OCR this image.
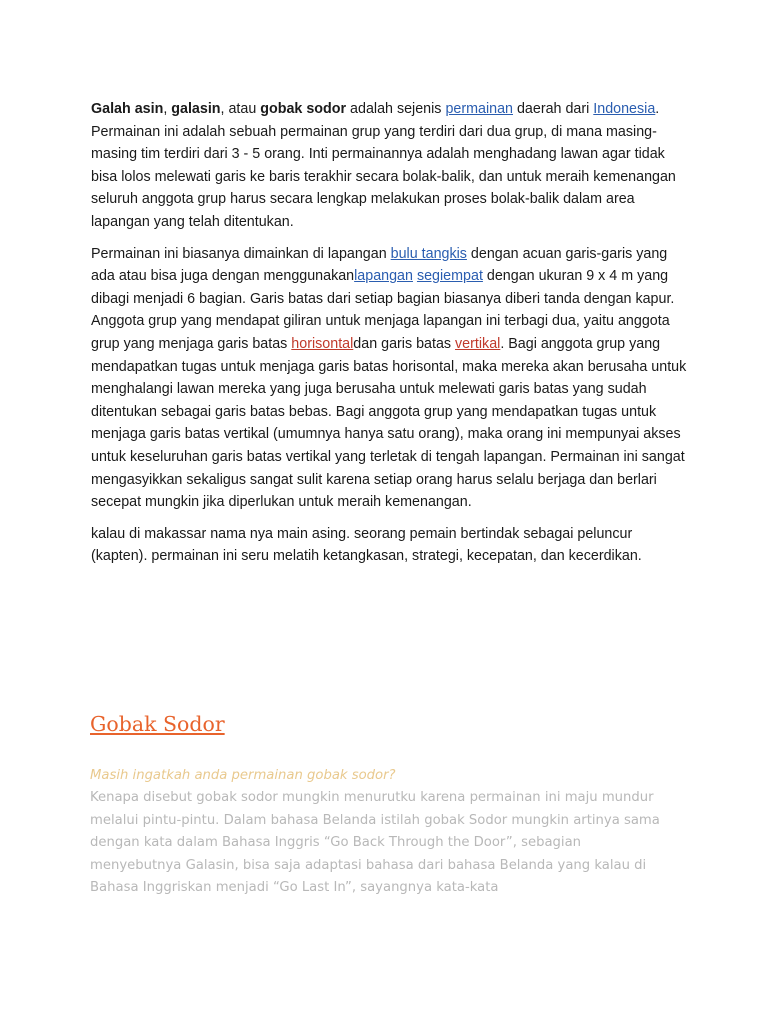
Galah asin, galasin, atau gobak sodor adalah sejenis permainan daerah dari Indonesia. Permainan ini adalah sebuah permainan grup yang terdiri dari dua grup, di mana masing-masing tim terdiri dari 3 - 5 orang. Inti permainannya adalah menghadang lawan agar tidak bisa lolos melewati garis ke baris terakhir secara bolak-balik, dan untuk meraih kemenangan seluruh anggota grup harus secara lengkap melakukan proses bolak-balik dalam area lapangan yang telah ditentukan.

Permainan ini biasanya dimainkan di lapangan bulu tangkis dengan acuan garis-garis yang ada atau bisa juga dengan menggunakanlapangan segiempat dengan ukuran 9 x 4 m yang dibagi menjadi 6 bagian. Garis batas dari setiap bagian biasanya diberi tanda dengan kapur. Anggota grup yang mendapat giliran untuk menjaga lapangan ini terbagi dua, yaitu anggota grup yang menjaga garis batas horisontaldan garis batas vertikal. Bagi anggota grup yang mendapatkan tugas untuk menjaga garis batas horisontal, maka mereka akan berusaha untuk menghalangi lawan mereka yang juga berusaha untuk melewati garis batas yang sudah ditentukan sebagai garis batas bebas. Bagi anggota grup yang mendapatkan tugas untuk menjaga garis batas vertikal (umumnya hanya satu orang), maka orang ini mempunyai akses untuk keseluruhan garis batas vertikal yang terletak di tengah lapangan. Permainan ini sangat mengasyikkan sekaligus sangat sulit karena setiap orang harus selalu berjaga dan berlari secepat mungkin jika diperlukan untuk meraih kemenangan.

kalau di makassar nama nya main asing. seorang pemain bertindak sebagai peluncur (kapten). permainan ini seru melatih ketangkasan, strategi, kecepatan, dan kecerdikan.

Gobak Sodor

Masih ingatkah anda permainan gobak sodor?

Kenapa disebut gobak sodor mungkin menurutku karena permainan ini maju mundur melalui pintu-pintu. Dalam bahasa Belanda istilah gobak Sodor mungkin artinya sama dengan kata dalam Bahasa Inggris “Go Back Through the Door”, sebagian menyebutnya Galasin, bisa saja adaptasi bahasa dari bahasa Belanda yang kalau di Bahasa Inggriskan menjadi “Go Last In”, sayangnya kata-kata
